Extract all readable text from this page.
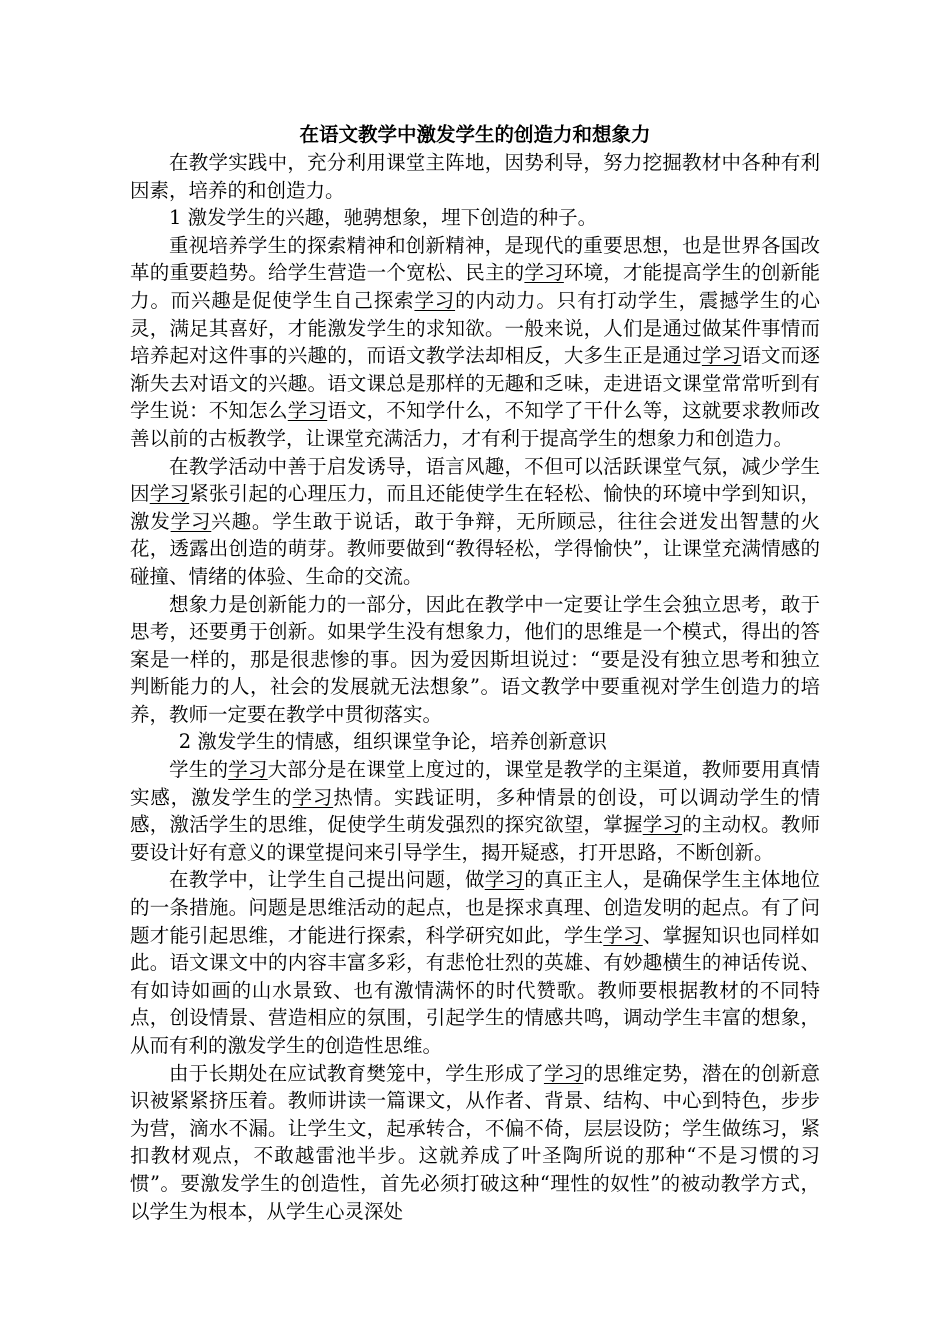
在语文教学中激发学生的创造力和想象力

在教学实践中，充分利用课堂主阵地，因势利导，努力挖掘教材中各种有利因素，培养的和创造力。

1 激发学生的兴趣，驰骋想象，埋下创造的种子。

重视培养学生的探索精神和创新精神，是现代的重要思想，也是世界各国改革的重要趋势。给学生营造一个宽松、民主的学习环境，才能提高学生的创新能力。而兴趣是促使学生自己探索学习的内动力。只有打动学生，震撼学生的心灵，满足其喜好，才能激发学生的求知欲。一般来说，人们是通过做某件事情而培养起对这件事的兴趣的，而语文教学法却相反，大多生正是通过学习语文而逐渐失去对语文的兴趣。语文课总是那样的无趣和乏味，走进语文课堂常常听到有学生说：不知怎么学习语文，不知学什么，不知学了干什么等，这就要求教师改善以前的古板教学，让课堂充满活力，才有利于提高学生的想象力和创造力。

在教学活动中善于启发诱导，语言风趣，不但可以活跃课堂气氛，减少学生因学习紧张引起的心理压力，而且还能使学生在轻松、愉快的环境中学到知识，激发学习兴趣。学生敢于说话，敢于争辩，无所顾忌，往往会迸发出智慧的火花，透露出创造的萌芽。教师要做到“教得轻松，学得愉快”，让课堂充满情感的碰撞、情绪的体验、生命的交流。

想象力是创新能力的一部分，因此在教学中一定要让学生会独立思考，敢于思考，还要勇于创新。如果学生没有想象力，他们的思维是一个模式，得出的答案是一样的，那是很悲惨的事。因为爱因斯坦说过：“要是没有独立思考和独立判断能力的人，社会的发展就无法想象”。语文教学中要重视对学生创造力的培养，教师一定要在教学中贯彻落实。

2 激发学生的情感，组织课堂争论，培养创新意识

学生的学习大部分是在课堂上度过的，课堂是教学的主渠道，教师要用真情实感，激发学生的学习热情。实践证明，多种情景的创设，可以调动学生的情感，激活学生的思维，促使学生萌发强烈的探究欲望，掌握学习的主动权。教师要设计好有意义的课堂提问来引导学生，揭开疑惑，打开思路，不断创新。

在教学中，让学生自己提出问题，做学习的真正主人，是确保学生主体地位的一条措施。问题是思维活动的起点，也是探求真理、创造发明的起点。有了问题才能引起思维，才能进行探索，科学研究如此，学生学习、掌握知识也同样如此。语文课文中的内容丰富多彩，有悲怆壮烈的英雄、有妙趣横生的神话传说、有如诗如画的山水景致、也有激情满怀的时代赞歌。教师要根据教材的不同特点，创设情景、营造相应的氛围，引起学生的情感共鸣，调动学生丰富的想象，从而有利的激发学生的创造性思维。

由于长期处在应试教育樊笼中，学生形成了学习的思维定势，潜在的创新意识被紧紧挤压着。教师讲读一篇课文，从作者、背景、结构、中心到特色，步步为营，滴水不漏。让学生文，起承转合，不偏不倚，层层设防；学生做练习，紧扣教材观点，不敢越雷池半步。这就养成了叶圣陶所说的那种“不是习惯的习惯”。要激发学生的创造性，首先必须打破这种“理性的奴性”的被动教学方式，以学生为根本，从学生心灵深处
